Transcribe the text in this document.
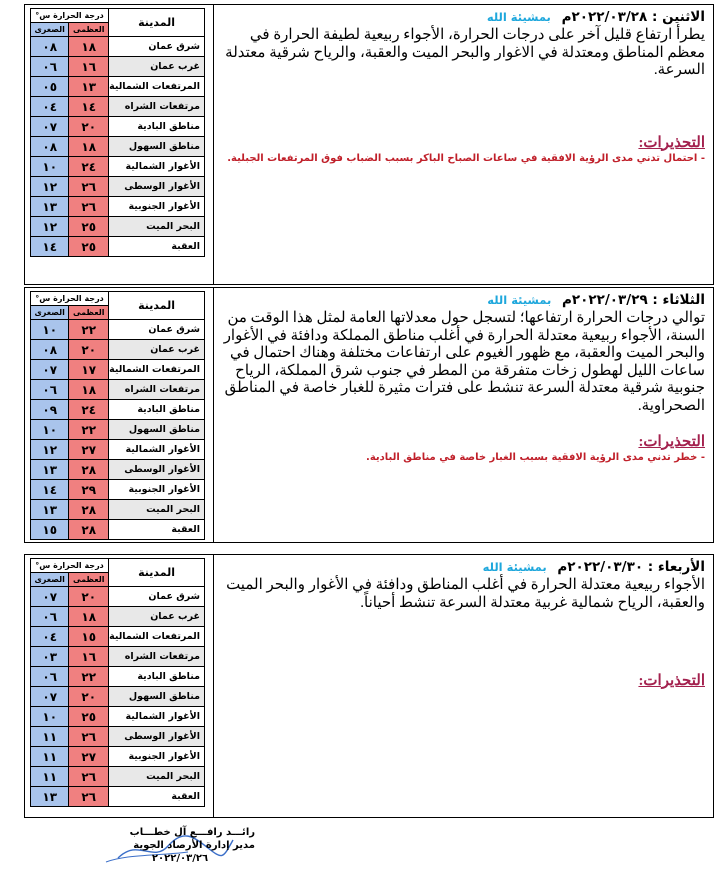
الاثنين : ٢٠٢٢/٠٣/٢٨م بمشيئة الله

يطرأ ارتفاع قليل آخر على درجات الحرارة، الأجواء ربيعية لطيفة الحرارة في معظم المناطق ومعتدلة في الاغوار والبحر الميت والعقبة، والرياح شرقية معتدلة السرعة.

التحذيرات:
- احتمال تدني مدى الرؤية الافقية في ساعات الصباح الباكر بسبب الضباب فوق المرتفعات الجبلية.
المدينة	درجة الحرارة س°	
	العظمى	الصغرى
شرق عمان	١٨	٠٨
غرب عمان	١٦	٠٦
المرتفعات الشمالية	١٣	٠٥
مرتفعات الشراه	١٤	٠٤
مناطق البادية	٢٠	٠٧
مناطق السهول	١٨	٠٨
الأغوار الشمالية	٢٤	١٠
الأغوار الوسطى	٢٦	١٢
الأغوار الجنوبية	٢٦	١٣
البحر الميت	٢٥	١٢
العقبة	٢٥	١٤
الثلاثاء : ٢٠٢٢/٠٣/٢٩م بمشيئة الله

توالي درجات الحرارة ارتفاعها؛ لتسجل حول معدلاتها العامة لمثل هذا الوقت من السنة، الأجواء ربيعية معتدلة الحرارة في أغلب مناطق المملكة ودافئة في الأغوار والبحر الميت والعقبة، مع ظهور الغيوم على ارتفاعات مختلفة وهناك احتمال في ساعات الليل لهطول زخات متفرقة من المطر في جنوب شرق المملكة، الرياح جنوبية شرقية معتدلة السرعة تنشط على فترات مثيرة للغبار خاصة في المناطق الصحراوية.

التحذيرات:
- خطر تدني مدى الرؤية الافقية بسبب الغبار خاصة في مناطق البادية.
المدينة	درجة الحرارة س°	
	العظمى	الصغرى
شرق عمان	٢٢	١٠
غرب عمان	٢٠	٠٨
المرتفعات الشمالية	١٧	٠٧
مرتفعات الشراه	١٨	٠٦
مناطق البادية	٢٤	٠٩
مناطق السهول	٢٢	١٠
الأغوار الشمالية	٢٧	١٢
الأغوار الوسطى	٢٨	١٣
الأغوار الجنوبية	٢٩	١٤
البحر الميت	٢٨	١٣
العقبة	٢٨	١٥
الأربعاء : ٢٠٢٢/٠٣/٣٠م بمشيئة الله

الأجواء ربيعية معتدلة الحرارة في أغلب المناطق ودافئة في الأغوار والبحر الميت والعقبة، الرياح شمالية غربية معتدلة السرعة تنشط أحياناً.

التحذيرات:
المدينة	درجة الحرارة س°	
	العظمى	الصغرى
شرق عمان	٢٠	٠٧
غرب عمان	١٨	٠٦
المرتفعات الشمالية	١٥	٠٤
مرتفعات الشراه	١٦	٠٣
مناطق البادية	٢٢	٠٦
مناطق السهول	٢٠	٠٧
الأغوار الشمالية	٢٥	١٠
الأغوار الوسطى	٢٦	١١
الأغوار الجنوبية	٢٧	١١
البحر الميت	٢٦	١١
العقبة	٢٦	١٣
رائـــد رافـــع آل خطـــاب
مدير إدارة الأرصاد الجوية
٢٠٢٢/٠٣/٢٦
